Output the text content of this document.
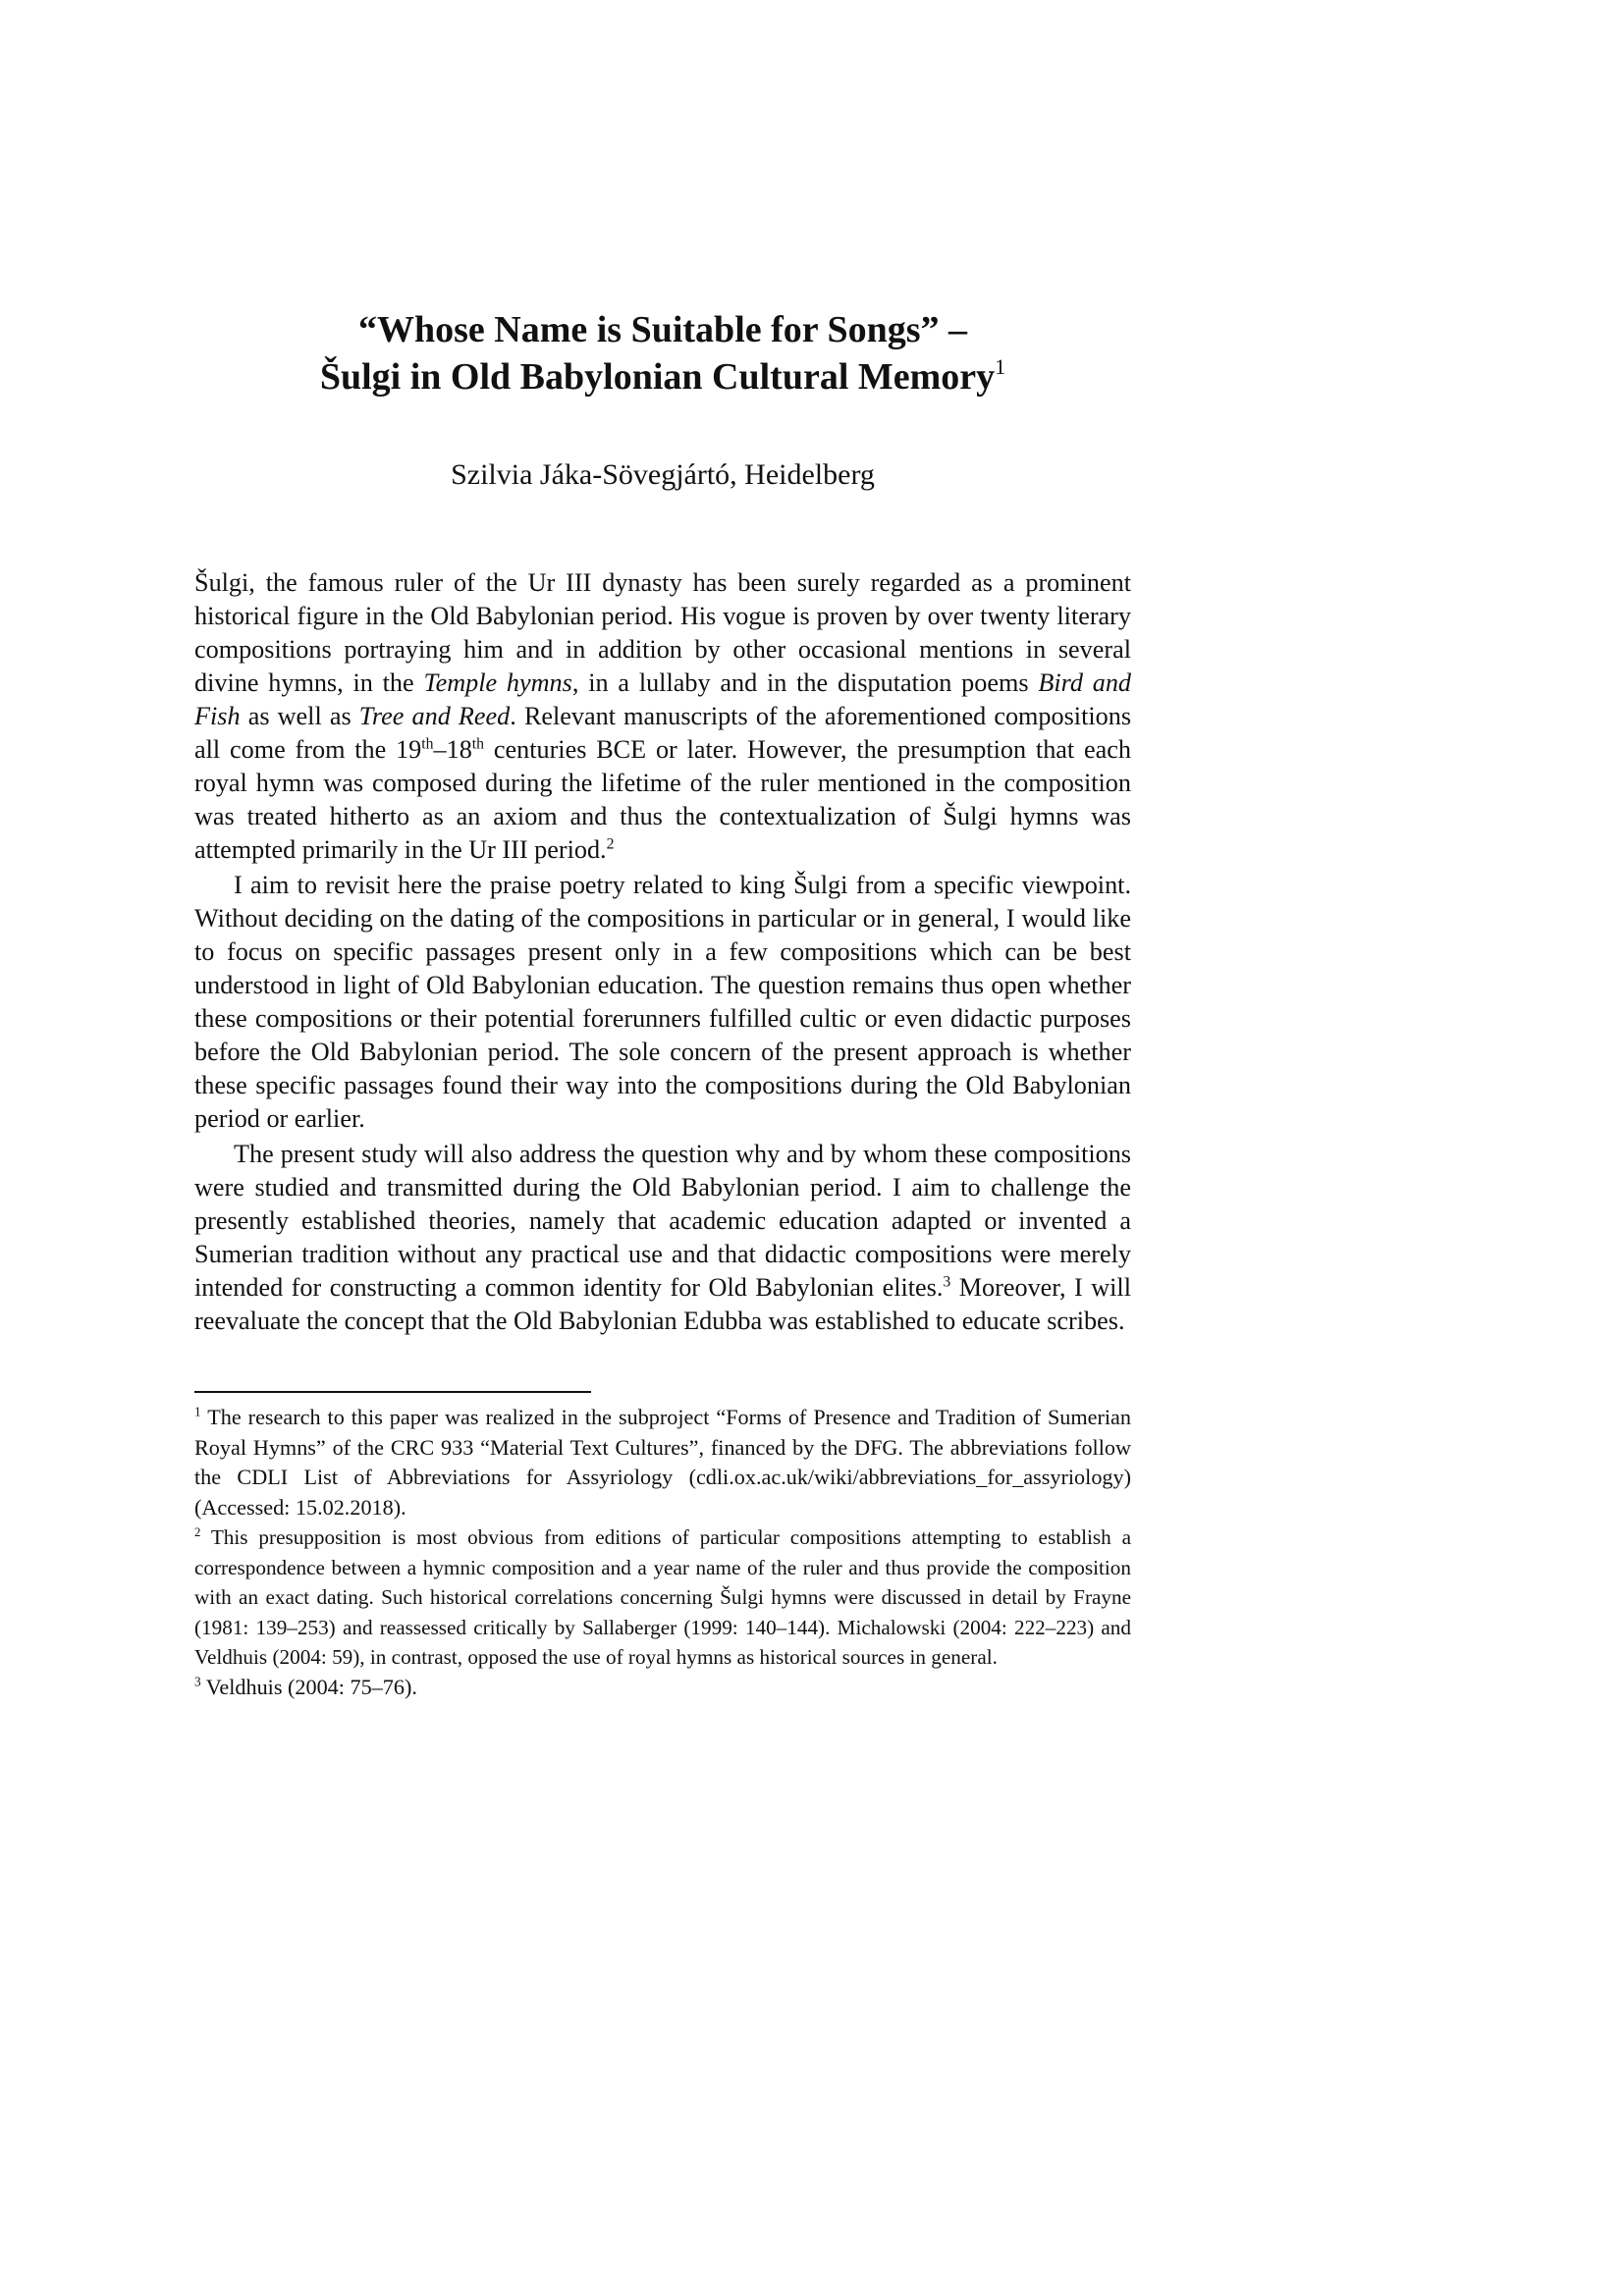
“Whose Name is Suitable for Songs” –
Šulgi in Old Babylonian Cultural Memory$^1$
Szilvia Jáka-Sövegjártó, Heidelberg

Šulgi, the famous ruler of the Ur III dynasty has been surely regarded as a prominent historical figure in the Old Babylonian period. His vogue is proven by over twenty literary compositions portraying him and in addition by other occasional mentions in several divine hymns, in the Temple hymns, in a lullaby and in the disputation poems Bird and Fish as well as Tree and Reed. Relevant manuscripts of the aforementioned compositions all come from the 19th–18th centuries BCE or later. However, the presumption that each royal hymn was composed during the lifetime of the ruler mentioned in the composition was treated hitherto as an axiom and thus the contextualization of Šulgi hymns was attempted primarily in the Ur III period.$^2$

I aim to revisit here the praise poetry related to king Šulgi from a specific viewpoint. Without deciding on the dating of the compositions in particular or in general, I would like to focus on specific passages present only in a few compositions which can be best understood in light of Old Babylonian education. The question remains thus open whether these compositions or their potential forerunners fulfilled cultic or even didactic purposes before the Old Babylonian period. The sole concern of the present approach is whether these specific passages found their way into the compositions during the Old Babylonian period or earlier.

The present study will also address the question why and by whom these compositions were studied and transmitted during the Old Babylonian period. I aim to challenge the presently established theories, namely that academic education adapted or invented a Sumerian tradition without any practical use and that didactic compositions were merely intended for constructing a common identity for Old Babylonian elites.$^3$ Moreover, I will reevaluate the concept that the Old Babylonian Edubba was established to educate scribes.

$^1$ The research to this paper was realized in the subproject “Forms of Presence and Tradition of Sumerian Royal Hymns” of the CRC 933 “Material Text Cultures”, financed by the DFG. The abbreviations follow the CDLI List of Abbreviations for Assyriology (cdli.ox.ac.uk/wiki/abbreviations_for_assyriology) (Accessed: 15.02.2018).

$^2$ This presupposition is most obvious from editions of particular compositions attempting to establish a correspondence between a hymnic composition and a year name of the ruler and thus provide the composition with an exact dating. Such historical correlations concerning Šulgi hymns were discussed in detail by Frayne (1981: 139–253) and reassessed critically by Sallaberger (1999: 140–144). Michalowski (2004: 222–223) and Veldhuis (2004: 59), in contrast, opposed the use of royal hymns as historical sources in general.

$^3$ Veldhuis (2004: 75–76).
